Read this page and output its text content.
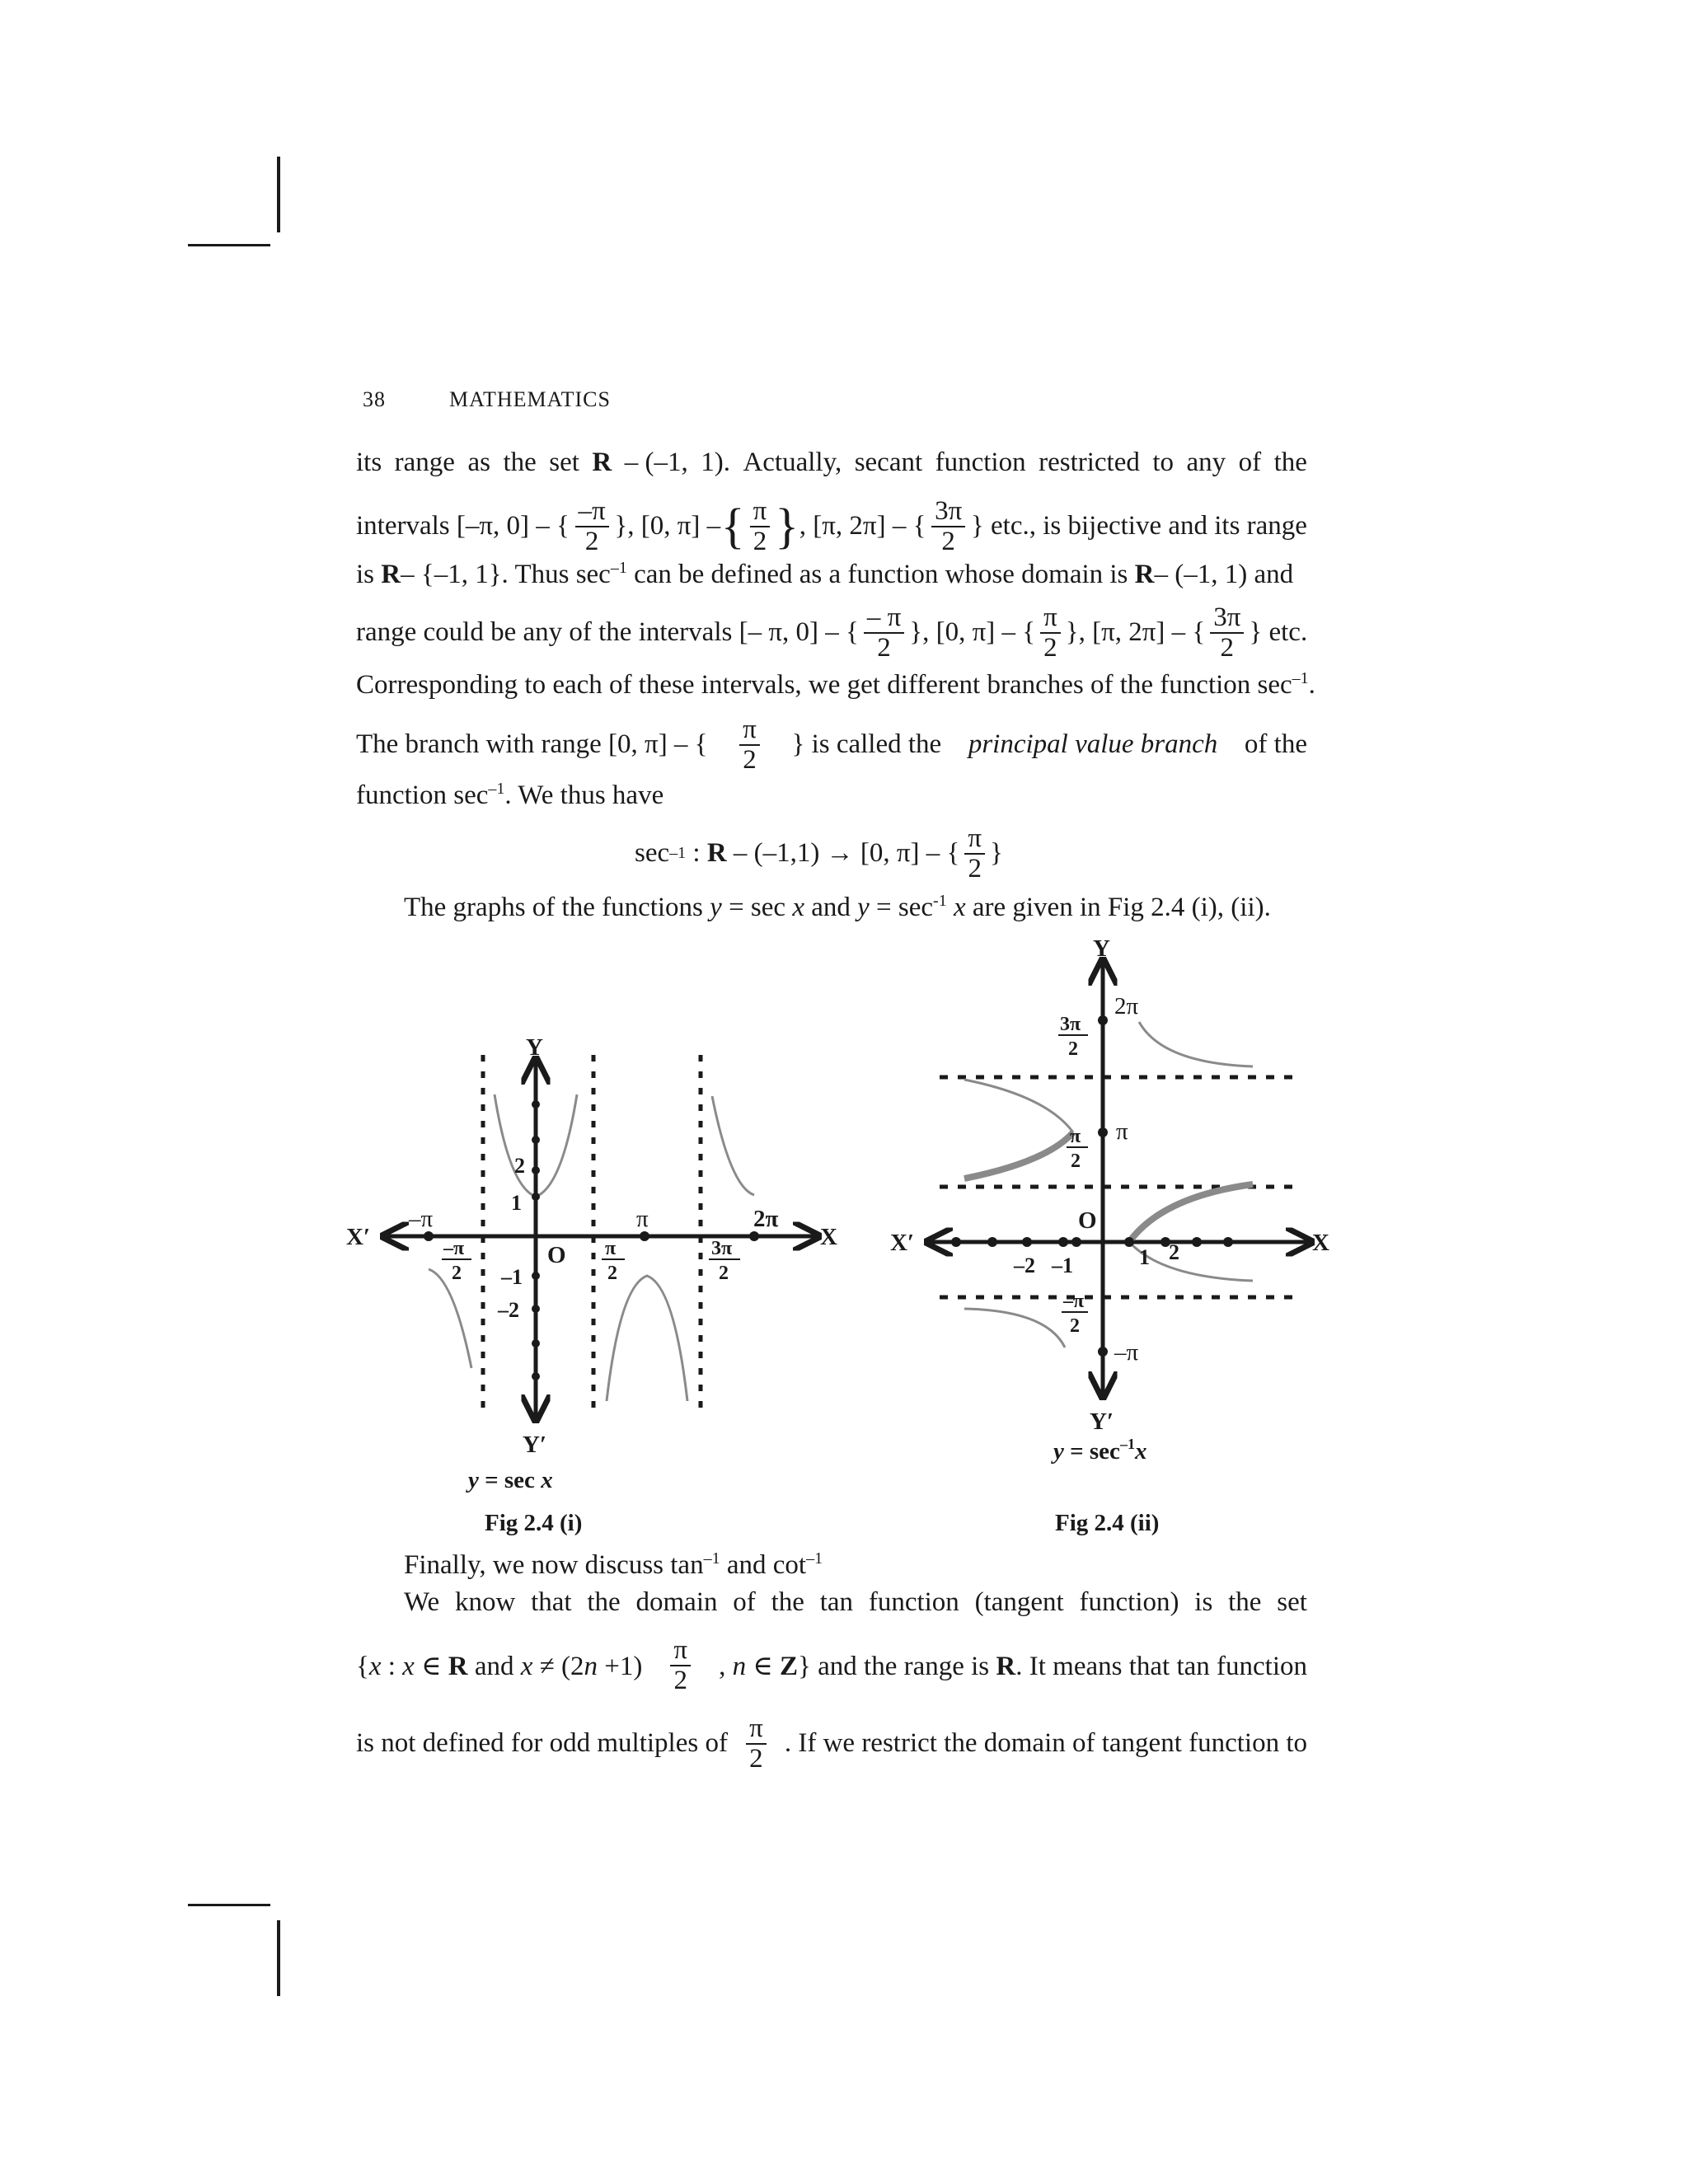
38	MATHEMATICS
its range as the set R – (–1, 1). Actually, secant function restricted to any of the
intervals [–π, 0] – { $\frac{-\pi}{2}$ }, [0, π] – { $\frac{\pi}{2}$ } , [π, 2π] – { $\frac{3\pi}{2}$ } etc., is bijective and its range
is R– {–1, 1}. Thus $\sec^{-1}$ can be defined as a function whose domain is R– (–1, 1) and
range could be any of the intervals [– π, 0] – { $\frac{- \pi}{2}$ }, [0, π] – { $\frac{\pi}{2}$ }, [π, 2π] – { $\frac{3\pi}{2}$ } etc.
Corresponding to each of these intervals, we get different branches of the function $\sec^{-1}$.
The branch with range [0, π] – { $\frac{\pi}{2}$ } is called the principal value branch of the
function $\sec^{-1}$. We thus have
sec –1 : R – (–1,1) → [0, π] – { $\frac{\pi}{2}$ }
The graphs of the functions y = sec x and $y = \sec^{-1} x$ are given in Fig 2.4 (i), (ii).
Y
Y′
X
X′
O
–π	π	2π
1
2
–1
–2
–π
2
π
2
3π
2
y = sec x
Fig 2.4 (i)
Y
Y′
X
X′
O
2π
π
–π
–2 –1	1 2
3π
2
π
2
–π
2
$y = \sec^{-1}x$
Fig 2.4 (ii)
Finally, we now discuss $\tan^{-1}$ and $\cot^{-1}$
We know that the domain of the tan function (tangent function) is the set
{x : x ∈ R and $x \ne (2n +1) \frac{\pi}{2}$ , n ∈ Z} and the range is R. It means that tan function
is not defined for odd multiples of $\frac{\pi}{2}$ . If we restrict the domain of tangent function to
